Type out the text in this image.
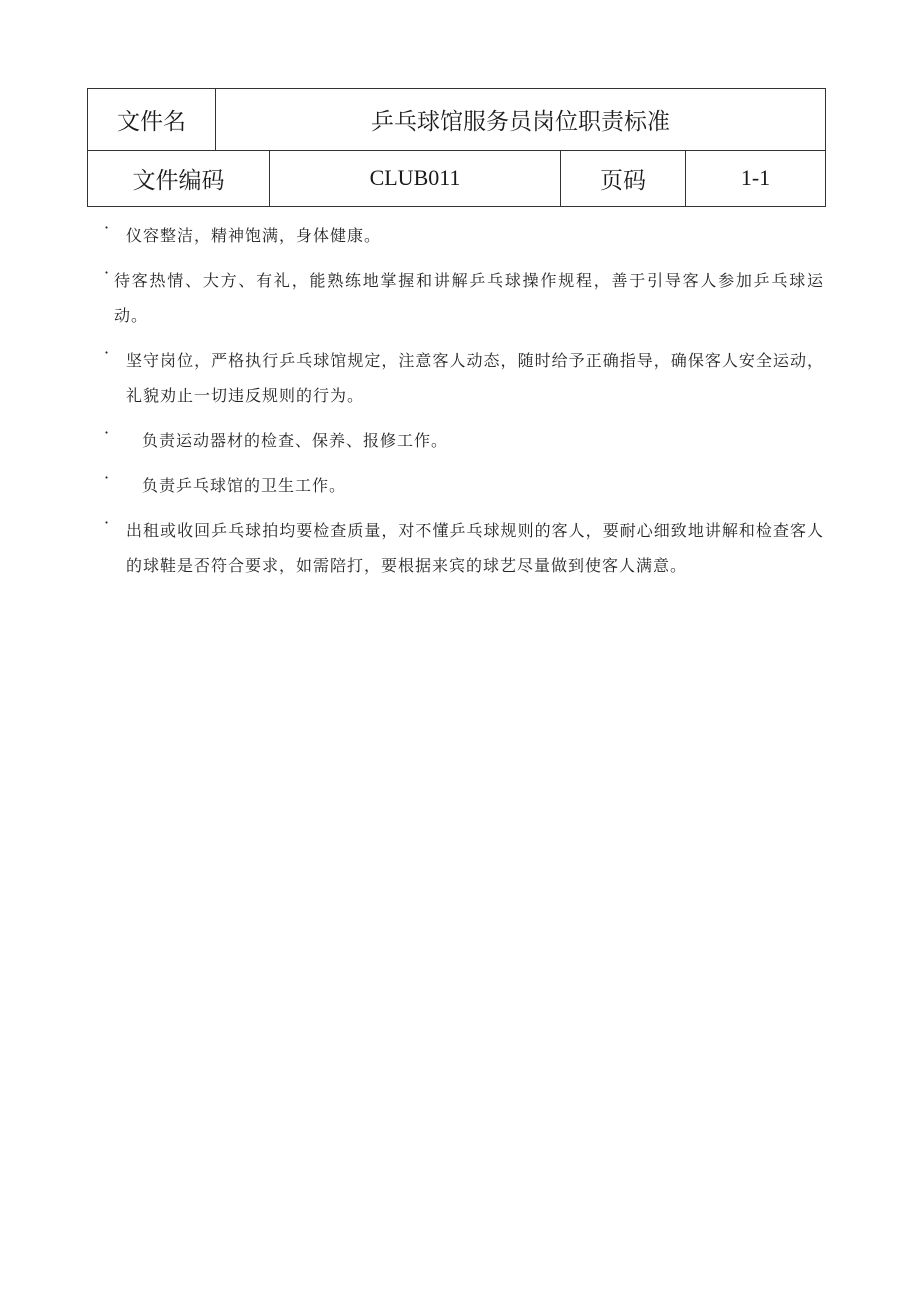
文件名	乒乓球馆服务员岗位职责标准
文件编码	CLUB011	页码	1-1
·	仪容整洁，精神饱满，身体健康。
· 待客热情、大方、有礼，能熟练地掌握和讲解乒乓球操作规程，善于引导客人参加乒乓球运动。
·	坚守岗位，严格执行乒乓球馆规定，注意客人动态，随时给予正确指导，确保客人安全运动，礼貌劝止一切违反规则的行为。
·	负责运动器材的检查、保养、报修工作。
·	负责乒乓球馆的卫生工作。
·	出租或收回乒乓球拍均要检查质量，对不懂乒乓球规则的客人，要耐心细致地讲解和检查客人的球鞋是否符合要求，如需陪打，要根据来宾的球艺尽量做到使客人满意。
